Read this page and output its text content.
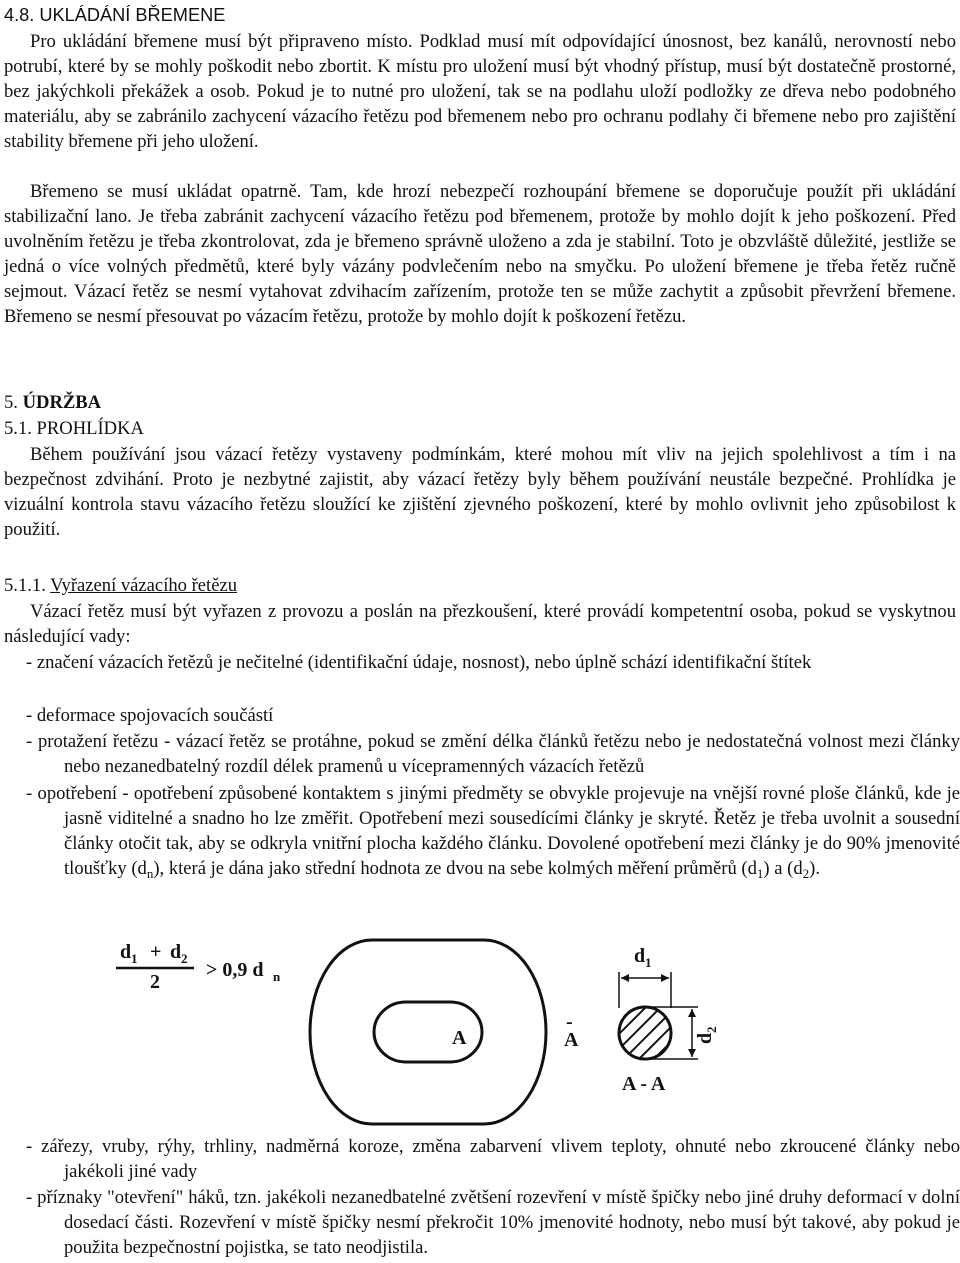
4.8. UKLÁDÁNÍ BŘEMENE
Pro ukládání břemene musí být připraveno místo. Podklad musí mít odpovídající únosnost, bez kanálů, nerovností nebo potrubí, které by se mohly poškodit nebo zbortit. K místu pro uložení musí být vhodný přístup, musí být dostatečně prostorné, bez jakýchkoli překážek a osob. Pokud je to nutné pro uložení, tak se na podlahu uloží podložky ze dřeva nebo podobného materiálu, aby se zabránilo zachycení vázacího řetězu pod břemenem nebo pro ochranu podlahy či břemene nebo pro zajištění stability břemene při jeho uložení.
Břemeno se musí ukládat opatrně. Tam, kde hrozí nebezpečí rozhoupání břemene se doporučuje použít při ukládání stabilizační lano. Je třeba zabránit zachycení vázacího řetězu pod břemenem, protože by mohlo dojít k jeho poškození. Před uvolněním řetězu je třeba zkontrolovat, zda je břemeno správně uloženo a zda je stabilní. Toto je obzvláště důležité, jestliže se jedná o více volných předmětů, které byly vázány podvlečením nebo na smyčku. Po uložení břemene je třeba řetěz ručně sejmout. Vázací řetěz se nesmí vytahovat zdvihacím zařízením, protože ten se může zachytit a způsobit převržení břemene. Břemeno se nesmí přesouvat po vázacím řetězu, protože by mohlo dojít k poškození řetězu.
5. ÚDRŽBA
5.1. PROHLÍDKA
Během používání jsou vázací řetězy vystaveny podmínkám, které mohou mít vliv na jejich spolehlivost a tím i na bezpečnost zdvihání. Proto je nezbytné zajistit, aby vázací řetězy byly během používání neustále bezpečné. Prohlídka je vizuální kontrola stavu vázacího řetězu sloužící ke zjištění zjevného poškození, které by mohlo ovlivnit jeho způsobilost k použití.
5.1.1. Vyřazení vázacího řetězu
Vázací řetěz musí být vyřazen z provozu a poslán na přezkoušení, které provádí kompetentní osoba, pokud se vyskytnou následující vady:
- značení vázacích řetězů je nečitelné (identifikační údaje, nosnost), nebo úplně schází identifikační štítek
- deformace spojovacích součástí
- protažení řetězu - vázací řetěz se protáhne, pokud se změní délka článků řetězu nebo je nedostatečná volnost mezi články nebo nezanedbatelný rozdíl délek pramenů u vícepramenných vázacích řetězů
- opotřebení - opotřebení způsobené kontaktem s jinými předměty se obvykle projevuje na vnější rovné ploše článků, kde je jasně viditelné a snadno ho lze změřit. Opotřebení mezi sousedícími články je skryté. Řetěz je třeba uvolnit a sousední články otočit tak, aby se odkryla vnitřní plocha každého článku. Dovolené opotřebení mezi články je do 90% jmenovité tloušťky $(d_n)$, která je dána jako střední hodnota ze dvou na sebe kolmých měření průměrů $(d_1)$ a $(d_2)$.
d 1 + d 2
2
> 0,9 d n
A
-
A
d 1
d
2
A - A
- zářezy, vruby, rýhy, trhliny, nadměrná koroze, změna zabarvení vlivem teploty, ohnuté nebo zkroucené články nebo jakékoli jiné vady
- příznaky "otevření" háků, tzn. jakékoli nezanedbatelné zvětšení rozevření v místě špičky nebo jiné druhy deformací v dolní dosedací části. Rozevření v místě špičky nesmí překročit 10% jmenovité hodnoty, nebo musí být takové, aby pokud je použita bezpečnostní pojistka, se tato neodjistila.
